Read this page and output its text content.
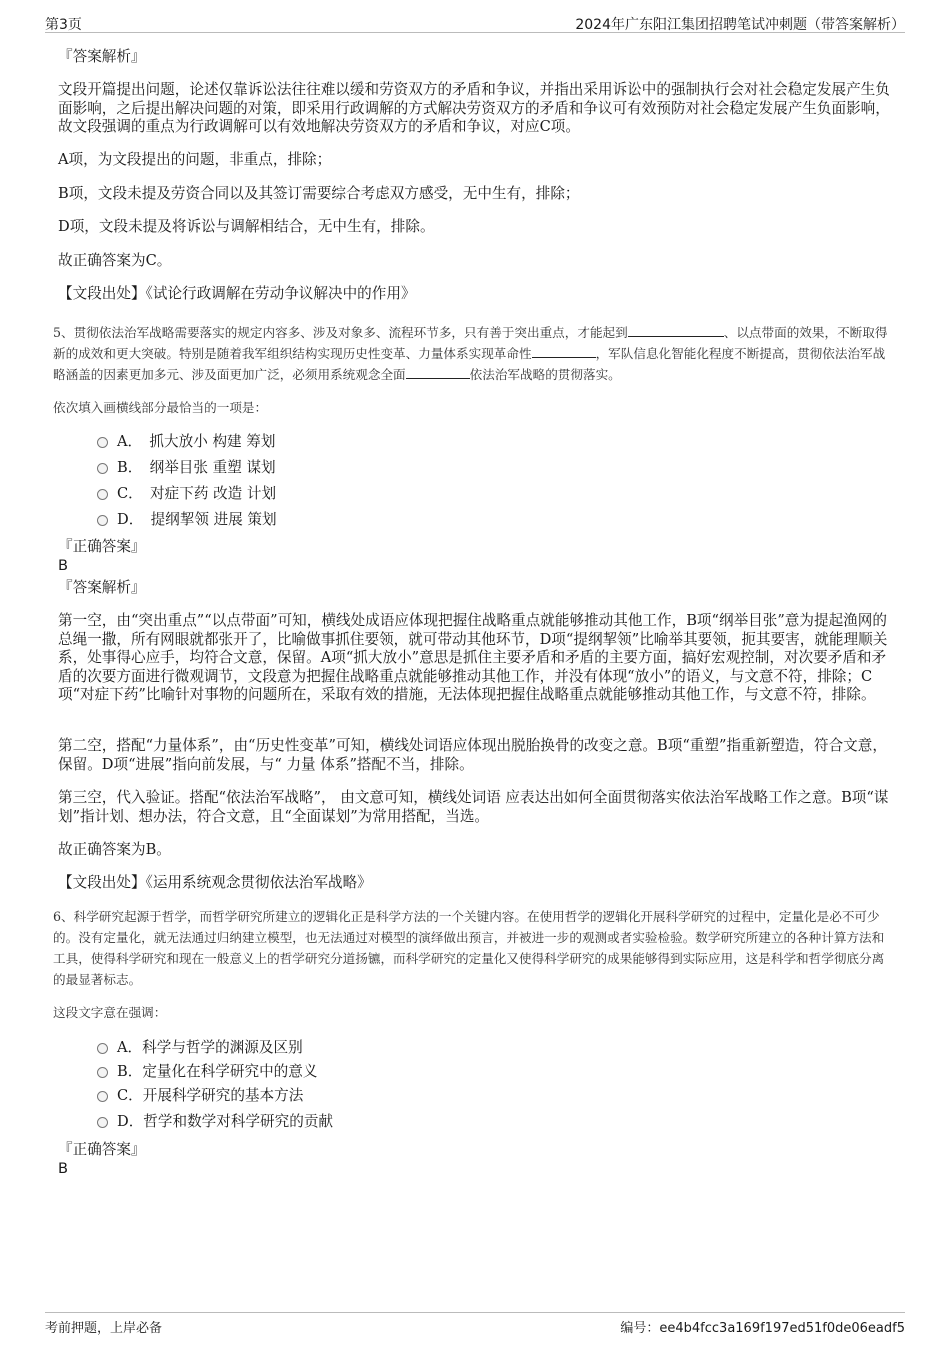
第3页	2024年广东阳江集团招聘笔试冲刺题（带答案解析）

『答案解析』

文段开篇提出问题，论述仅靠诉讼法往往难以缓和劳资双方的矛盾和争议，并指出采用诉讼中的强制执行会对社会稳定发展产生负面影响，之后提出解决问题的对策，即采用行政调解的方式解决劳资双方的矛盾和争议可有效预防对社会稳定发展产生负面影响，故文段强调的重点为行政调解可以有效地解决劳资双方的矛盾和争议，对应C项。

A项，为文段提出的问题，非重点，排除；

B项，文段未提及劳资合同以及其签订需要综合考虑双方感受，无中生有，排除；

D项，文段未提及将诉讼与调解相结合，无中生有，排除。

故正确答案为C。

【文段出处】《试论行政调解在劳动争议解决中的作用》

5、贯彻依法治军战略需要落实的规定内容多、涉及对象多、流程环节多，只有善于突出重点，才能起到	、以点带面的效果，不断取得新的成效和更大突破。特别是随着我军组织结构实现历史性变革、力量体系实现革命性	，军队信息化智能化程度不断提高，贯彻依法治军战略涵盖的因素更加多元、涉及面更加广泛，必须用系统观念全面	依法治军战略的贯彻落实。

依次填入画横线部分最恰当的一项是：

A．　抓大放小 构建 筹划
B．　纲举目张 重塑 谋划
C．　对症下药 改造 计划
D．　提纲挈领 进展 策划

『正确答案』

B

『答案解析』

第一空，由“突出重点”“以点带面”可知，横线处成语应体现把握住战略重点就能够推动其他工作，B项“纲举目张”意为提起渔网的总绳一撒，所有网眼就都张开了，比喻做事抓住要领，就可带动其他环节，D项“提纲挈领”比喻举其要领，扼其要害，就能理顺关系，处事得心应手，均符合文意，保留。A项“抓大放小”意思是抓住主要矛盾和矛盾的主要方面，搞好宏观控制，对次要矛盾和矛盾的次要方面进行微观调节，文段意为把握住战略重点就能够推动其他工作，并没有体现“放小”的语义，与文意不符，排除；C项“对症下药”比喻针对事物的问题所在，采取有效的措施，无法体现把握住战略重点就能够推动其他工作，与文意不符，排除。

第二空，搭配“力量体系”，由“历史性变革”可知，横线处词语应体现出脱胎换骨的改变之意。B项“重塑”指重新塑造，符合文意，保留。D项“进展”指向前发展，与“ 力量 体系”搭配不当，排除。

第三空，代入验证。搭配“依法治军战略”， 由文意可知，横线处词语 应表达出如何全面贯彻落实依法治军战略工作之意。B项“谋划”指计划、想办法，符合文意，且“全面谋划”为常用搭配，当选。

故正确答案为B。

【文段出处】《运用系统观念贯彻依法治军战略》

6、科学研究起源于哲学，而哲学研究所建立的逻辑化正是科学方法的一个关键内容。在使用哲学的逻辑化开展科学研究的过程中，定量化是必不可少的。没有定量化，就无法通过归纳建立模型，也无法通过对模型的演绎做出预言，并被进一步的观测或者实验检验。数学研究所建立的各种计算方法和工具，使得科学研究和现在一般意义上的哲学研究分道扬镳，而科学研究的定量化又使得科学研究的成果能够得到实际应用，这是科学和哲学彻底分离的最显著标志。

这段文字意在强调：

A．科学与哲学的渊源及区别
B．定量化在科学研究中的意义
C．开展科学研究的基本方法
D．哲学和数学对科学研究的贡献

『正确答案』

B
考前押题，上岸必备	编号：ee4b4fcc3a169f197ed51f0de06eadf5
